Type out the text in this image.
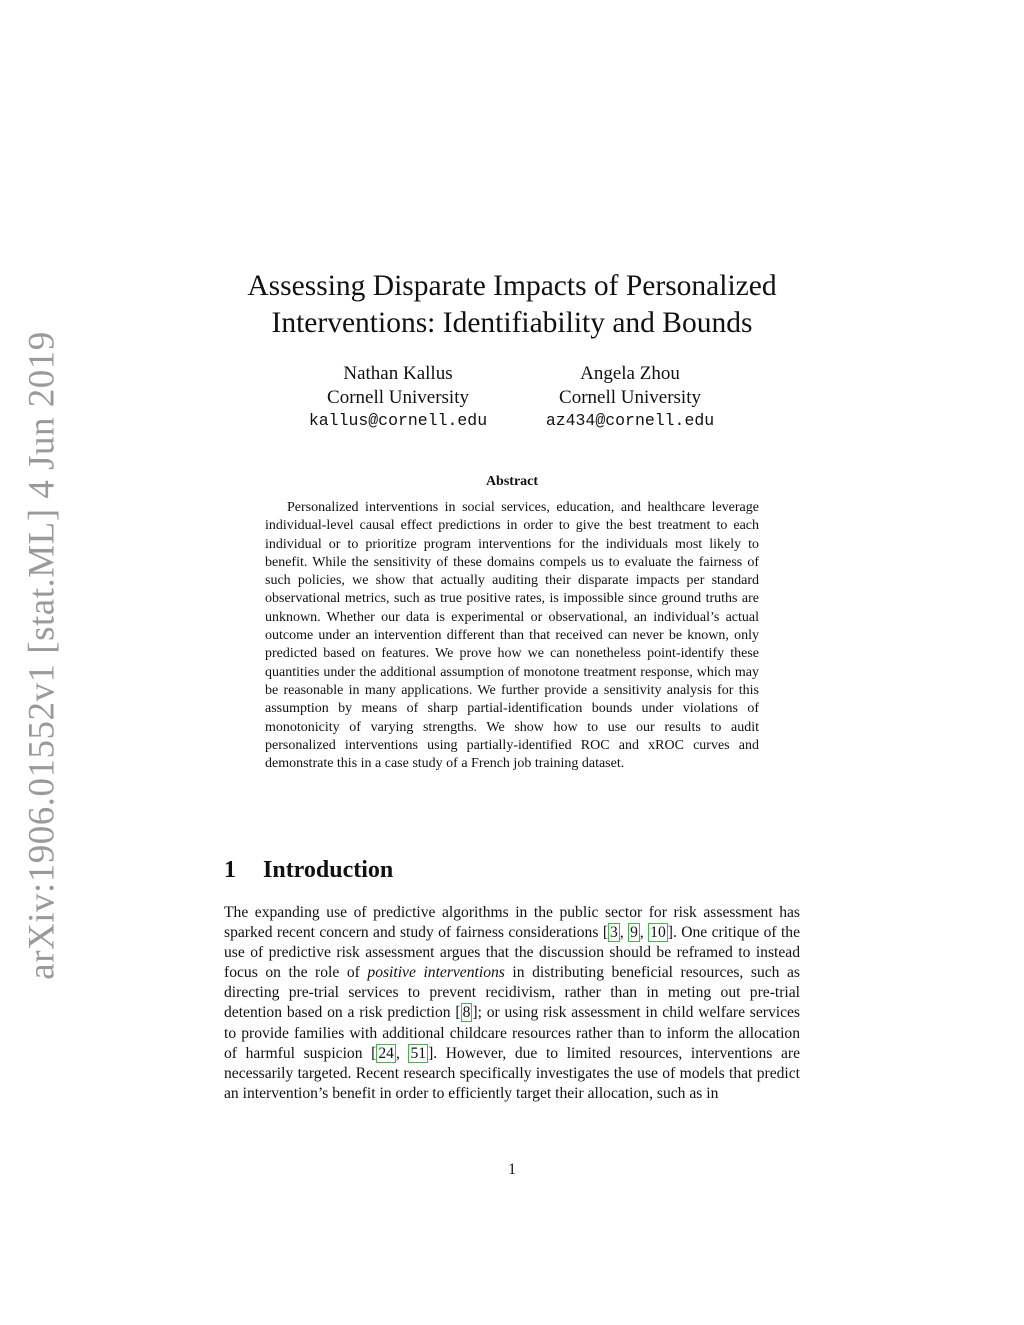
arXiv:1906.01552v1 [stat.ML] 4 Jun 2019
Assessing Disparate Impacts of Personalized
Interventions: Identifiability and Bounds
Nathan Kallus
Cornell University
kallus@cornell.edu
Angela Zhou
Cornell University
az434@cornell.edu
Abstract

Personalized interventions in social services, education, and healthcare leverage individual-level causal effect predictions in order to give the best treatment to each individual or to prioritize program interventions for the individuals most likely to benefit. While the sensitivity of these domains compels us to evaluate the fairness of such policies, we show that actually auditing their disparate impacts per standard observational metrics, such as true positive rates, is impossible since ground truths are unknown. Whether our data is experimental or observational, an individual’s actual outcome under an intervention different than that received can never be known, only predicted based on features. We prove how we can nonetheless point-identify these quantities under the additional assumption of monotone treatment response, which may be reasonable in many applications. We further provide a sensitivity analysis for this assumption by means of sharp partial-identification bounds under violations of monotonicity of varying strengths. We show how to use our results to audit personalized interventions using partially-identified ROC and xROC curves and demonstrate this in a case study of a French job training dataset.

1 Introduction

The expanding use of predictive algorithms in the public sector for risk assessment has sparked recent concern and study of fairness considerations [ 3 , 9 , 10 ]. One critique of the use of predictive risk assessment argues that the discussion should be reframed to instead focus on the role of positive interventions in distributing beneficial resources, such as directing pre-trial services to prevent recidivism, rather than in meting out pre-trial detention based on a risk prediction [ 8 ]; or using risk assessment in child welfare services to provide families with additional childcare resources rather than to inform the allocation of harmful suspicion [ 24 , 51 ]. However, due to limited resources, interventions are necessarily targeted. Recent research specifically investigates the use of models that predict an intervention’s benefit in order to efficiently target their allocation, such as in

1
